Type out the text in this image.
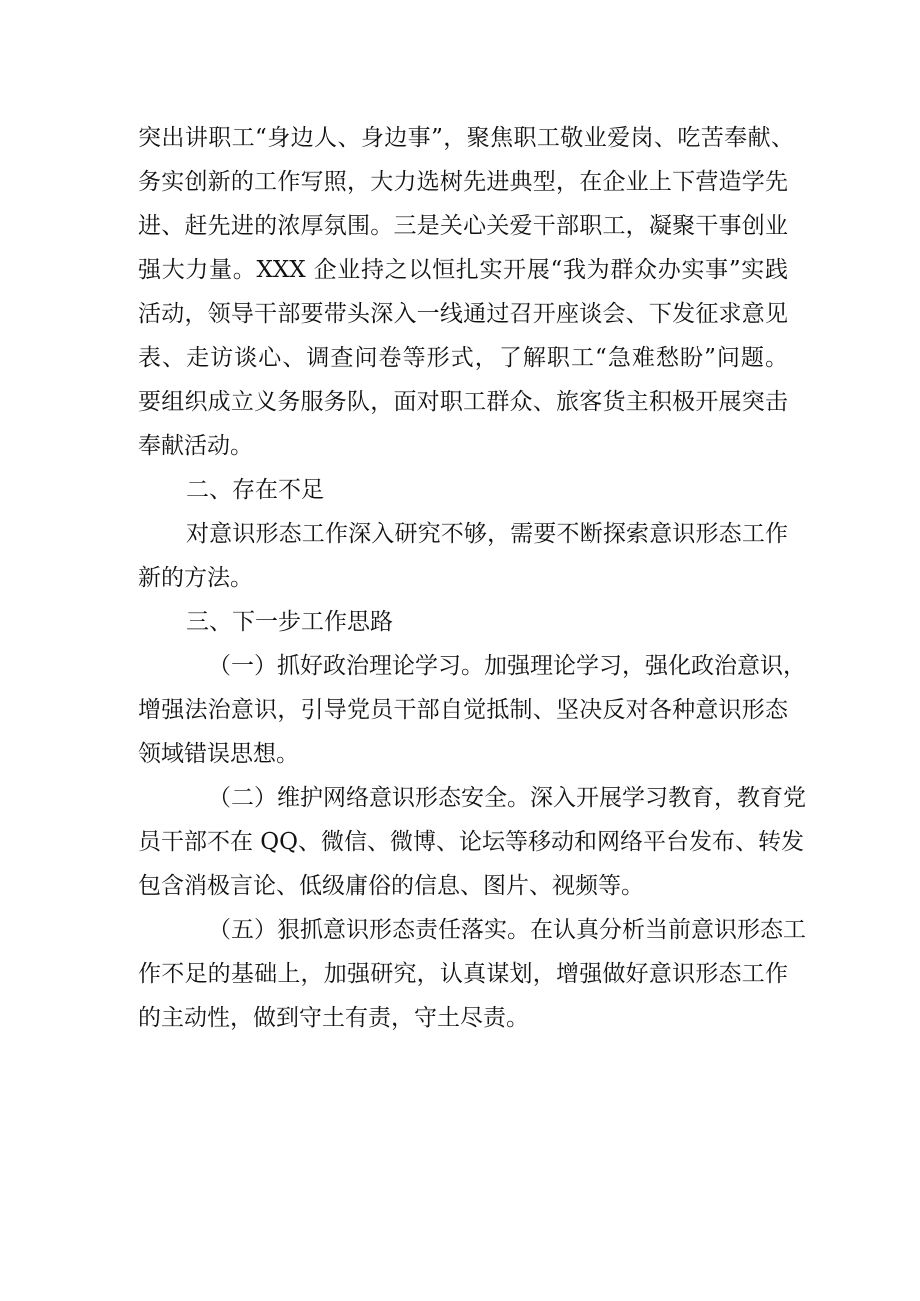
突出讲职工“身边人、身边事”，聚焦职工敬业爱岗、吃苦奉献、
务实创新的工作写照，大力选树先进典型，在企业上下营造学先
进、赶先进的浓厚氛围。三是关心关爱干部职工，凝聚干事创业
强大力量。XXX 企业持之以恒扎实开展“我为群众办实事”实践
活动，领导干部要带头深入一线通过召开座谈会、下发征求意见
表、走访谈心、调查问卷等形式，了解职工“急难愁盼”问题。
要组织成立义务服务队，面对职工群众、旅客货主积极开展突击
奉献活动。
二、存在不足
对意识形态工作深入研究不够，需要不断探索意识形态工作
新的方法。
三、下一步工作思路
（一）抓好政治理论学习。加强理论学习，强化政治意识，
增强法治意识，引导党员干部自觉抵制、坚决反对各种意识形态
领域错误思想。
（二）维护网络意识形态安全。深入开展学习教育，教育党
员干部不在 QQ、微信、微博、论坛等移动和网络平台发布、转发
包含消极言论、低级庸俗的信息、图片、视频等。
（五）狠抓意识形态责任落实。在认真分析当前意识形态工
作不足的基础上，加强研究，认真谋划，增强做好意识形态工作
的主动性，做到守土有责，守土尽责。
